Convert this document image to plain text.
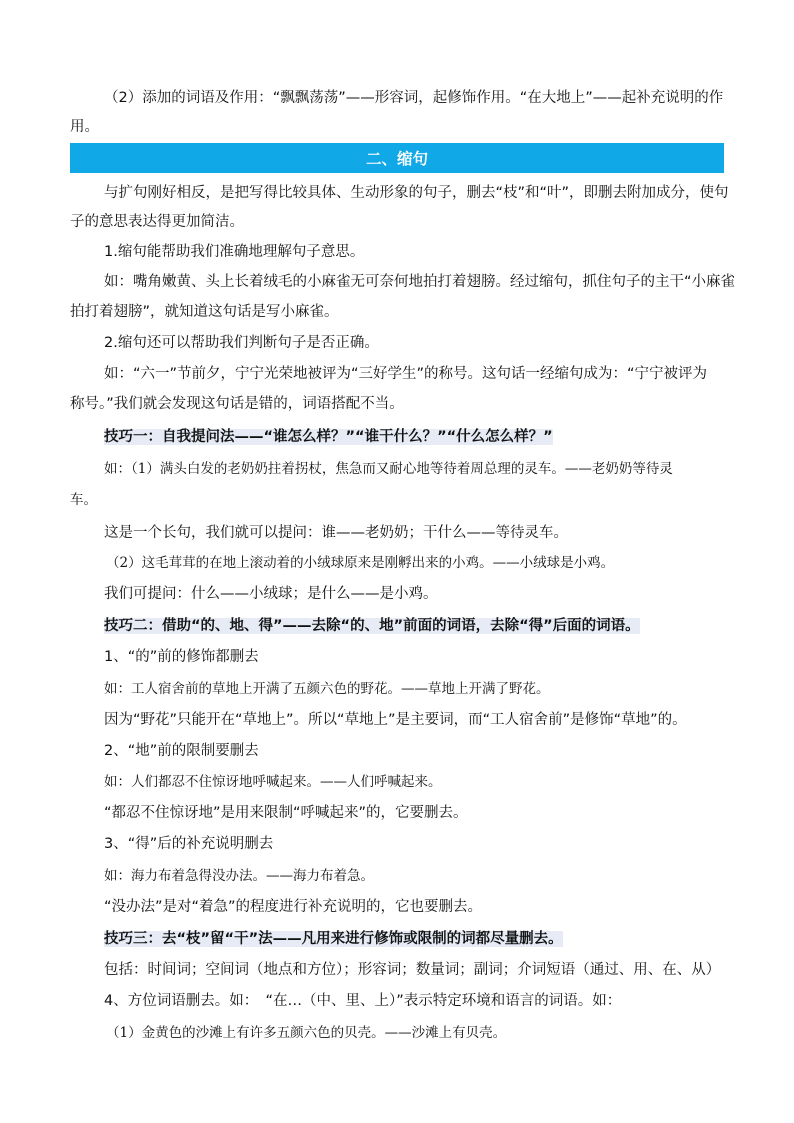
（2）添加的词语及作用：“飘飘荡荡”——形容词，起修饰作用。“在大地上”——起补充说明的作
用。
二、缩句
与扩句刚好相反，是把写得比较具体、生动形象的句子，删去“枝”和“叶”，即删去附加成分，使句
子的意思表达得更加简洁。
1.缩句能帮助我们准确地理解句子意思。
如：嘴角嫩黄、头上长着绒毛的小麻雀无可奈何地拍打着翅膀。经过缩句，抓住句子的主干“小麻雀
拍打着翅膀”，就知道这句话是写小麻雀。
2.缩句还可以帮助我们判断句子是否正确。
如：“六一”节前夕，宁宁光荣地被评为“三好学生”的称号。这句话一经缩句成为：“宁宁被评为
称号。”我们就会发现这句话是错的，词语搭配不当。
技巧一：自我提问法——“谁怎么样？”“谁干什么？”“什么怎么样？”
如：（1）满头白发的老奶奶拄着拐杖，焦急而又耐心地等待着周总理的灵车。——老奶奶等待灵
车。
这是一个长句，我们就可以提问：谁——老奶奶；干什么——等待灵车。
（2）这毛茸茸的在地上滚动着的小绒球原来是刚孵出来的小鸡。——小绒球是小鸡。
我们可提问：什么——小绒球；是什么——是小鸡。
技巧二：借助“的、地、得”——去除“的、地”前面的词语，去除“得”后面的词语。
1、“的”前的修饰都删去
如：工人宿舍前的草地上开满了五颜六色的野花。——草地上开满了野花。
因为“野花”只能开在“草地上”。所以“草地上”是主要词，而“工人宿舍前”是修饰“草地”的。
2、“地”前的限制要删去
如：人们都忍不住惊讶地呼喊起来。——人们呼喊起来。
“都忍不住惊讶地”是用来限制“呼喊起来”的，它要删去。
3、“得”后的补充说明删去
如：海力布着急得没办法。——海力布着急。
“没办法”是对“着急”的程度进行补充说明的，它也要删去。
技巧三：去“枝”留“干”法——凡用来进行修饰或限制的词都尽量删去。
包括：时间词；空间词（地点和方位）；形容词；数量词；副词；介词短语（通过、用、在、从）
4、方位词语删去。如：　“在…（中、里、上）”表示特定环境和语言的词语。如：
（1）金黄色的沙滩上有许多五颜六色的贝壳。——沙滩上有贝壳。
